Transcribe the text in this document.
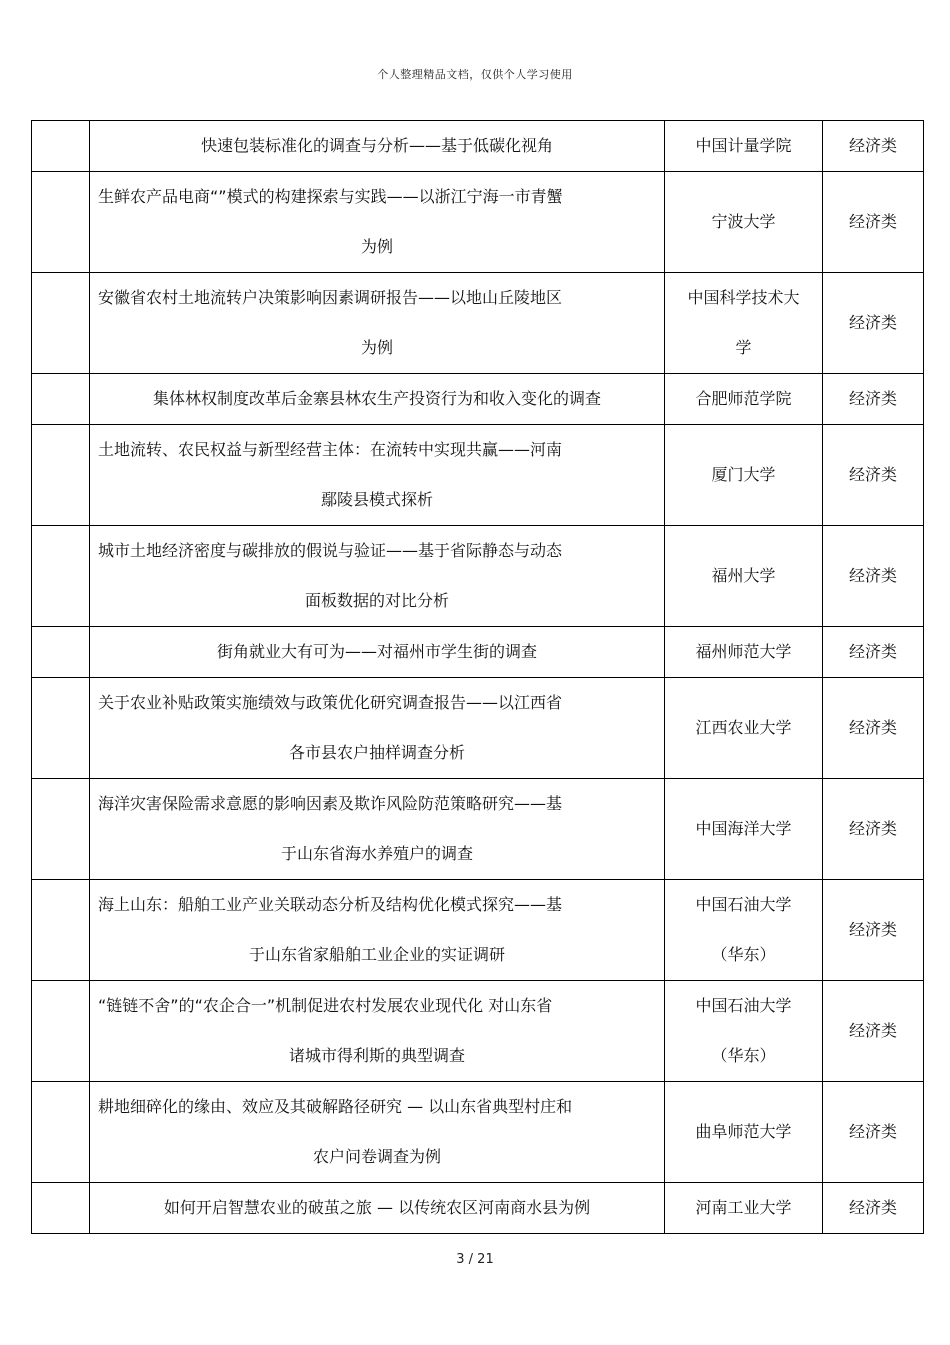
个人整理精品文档，仅供个人学习使用

	快速包装标准化的调查与分析——基于低碳化视角	中国计量学院	经济类

	生鲜农产品电商“”模式的构建探索与实践——以浙江宁海一市青蟹
为例	宁波大学	经济类

	安徽省农村土地流转户决策影响因素调研报告——以地山丘陵地区
为例	中国科学技术大
学	经济类

	集体林权制度改革后金寨县林农生产投资行为和收入变化的调查	合肥师范学院	经济类

	土地流转、农民权益与新型经营主体：在流转中实现共赢——河南
鄢陵县模式探析	厦门大学	经济类

	城市土地经济密度与碳排放的假说与验证——基于省际静态与动态
面板数据的对比分析	福州大学	经济类

	街角就业大有可为——对福州市学生街的调查	福州师范大学	经济类

	关于农业补贴政策实施绩效与政策优化研究调查报告——以江西省
各市县农户抽样调查分析	江西农业大学	经济类

	海洋灾害保险需求意愿的影响因素及欺诈风险防范策略研究——基
于山东省海水养殖户的调查	中国海洋大学	经济类

	海上山东：船舶工业产业关联动态分析及结构优化模式探究——基
于山东省家船舶工业企业的实证调研	中国石油大学
（华东）	经济类

	“链链不舍”的“农企合一”机制促进农村发展农业现代化 对山东省
诸城市得利斯的典型调查	中国石油大学
（华东）	经济类

	耕地细碎化的缘由、效应及其破解路径研究 — 以山东省典型村庄和
农户问卷调查为例	曲阜师范大学	经济类

	如何开启智慧农业的破茧之旅 — 以传统农区河南商水县为例	河南工业大学	经济类
3 / 21
